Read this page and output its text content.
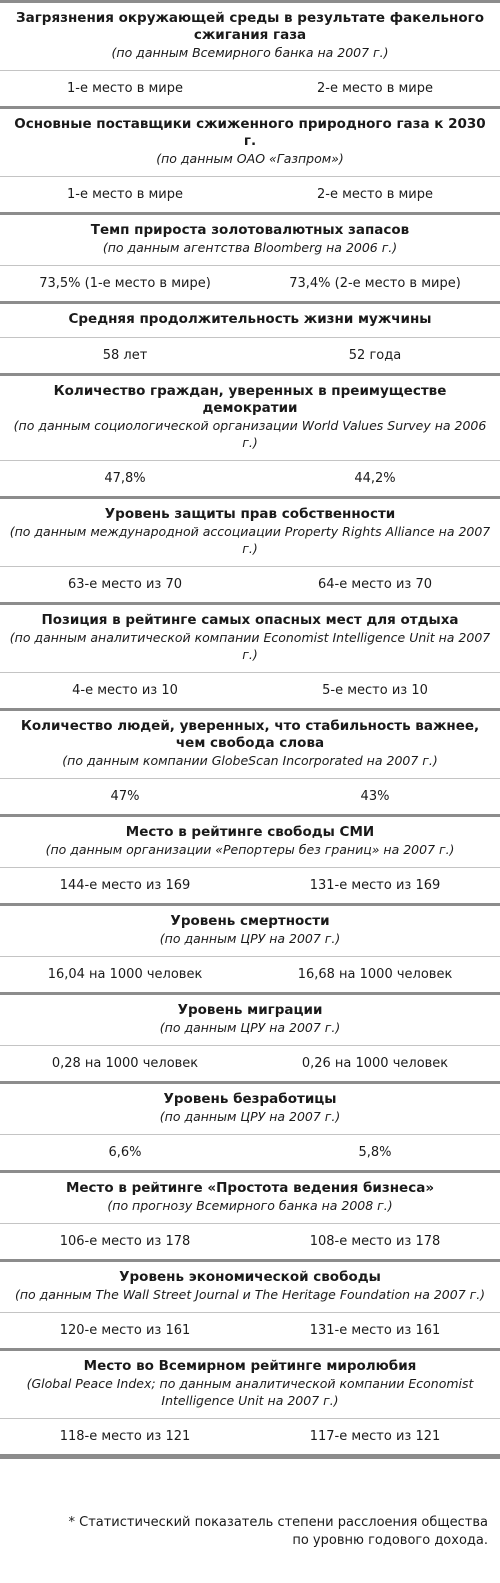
Загрязнения окружающей среды в результате факельного сжигания газа
(по данным Всемирного банка на 2007 г.)
1-е место в мире	2-е место в мире
Основные поставщики сжиженного природного газа к 2030 г.
(по данным ОАО «Газпром»)
1-е место в мире	2-е место в мире
Темп прироста золотовалютных запасов
(по данным агентства Bloomberg на 2006 г.)
73,5% (1-е место в мире)	73,4% (2-е место в мире)
Средняя продолжительность жизни мужчины
58 лет	52 года
Количество граждан, уверенных в преимуществе демократии
(по данным социологической организации World Values Survey на 2006 г.)
47,8%	44,2%
Уровень защиты прав собственности
(по данным международной ассоциации Property Rights Alliance на 2007 г.)
63-е место из 70	64-е место из 70
Позиция в рейтинге самых опасных мест для отдыха
(по данным аналитической компании Economist Intelligence Unit на 2007 г.)
4-е место из 10	5-е место из 10
Количество людей, уверенных, что стабильность важнее, чем свобода слова
(по данным компании GlobeScan Incorporated на 2007 г.)
47%	43%
Место в рейтинге свободы СМИ
(по данным организации «Репортеры без границ» на 2007 г.)
144-е место из 169	131-е место из 169
Уровень смертности
(по данным ЦРУ на 2007 г.)
16,04 на 1000 человек	16,68 на 1000 человек
Уровень миграции
(по данным ЦРУ на 2007 г.)
0,28 на 1000 человек	0,26 на 1000 человек
Уровень безработицы
(по данным ЦРУ на 2007 г.)
6,6%	5,8%
Место в рейтинге «Простота ведения бизнеса»
(по прогнозу Всемирного банка на 2008 г.)
106-е место из 178	108-е место из 178
Уровень экономической свободы
(по данным The Wall Street Journal и The Heritage Foundation на 2007 г.)
120-е место из 161	131-е место из 161
Место во Всемирном рейтинге миролюбия
(Global Peace Index; по данным аналитической компании Economist Intelligence Unit на 2007 г.)
118-е место из 121	117-е место из 121
* Статистический показатель степени расслоения общества по уровню годового дохода.
